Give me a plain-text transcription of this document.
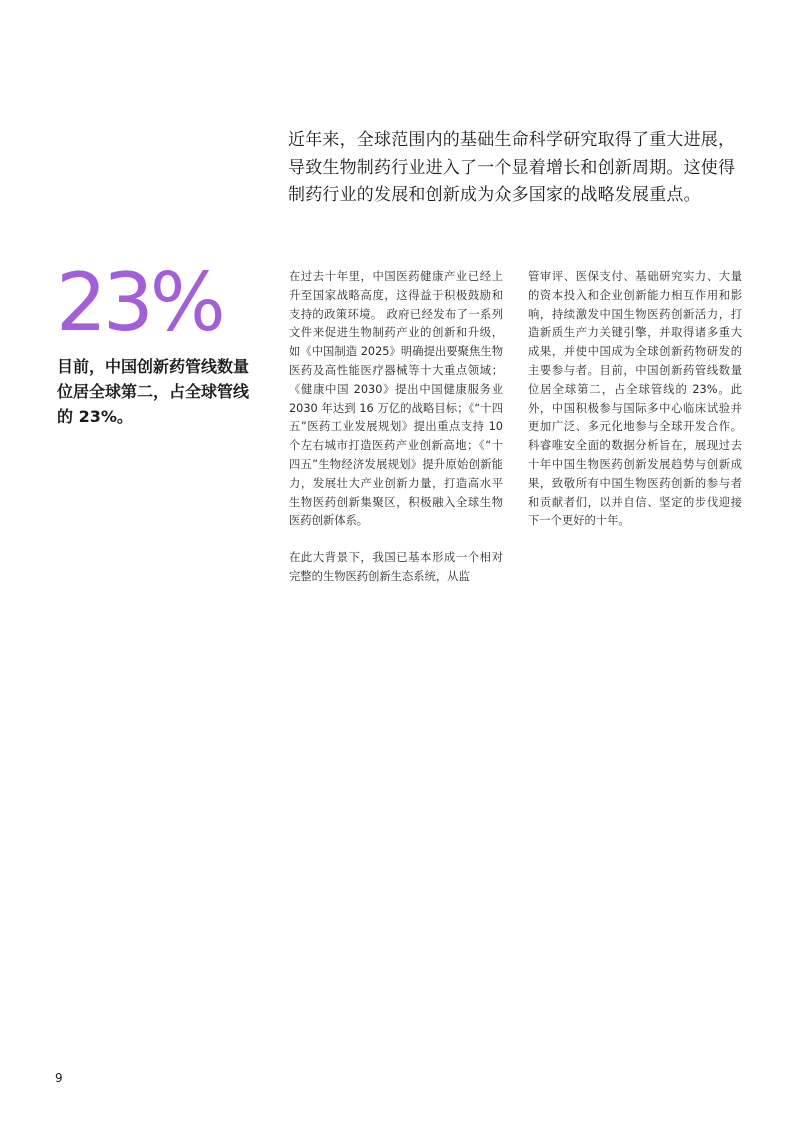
近年来，全球范围内的基础生命科学研究取得了重大进展，导致生物制药行业进入了一个显着增长和创新周期。这使得制药行业的发展和创新成为众多国家的战略发展重点。
23%
目前，中国创新药管线数量位居全球第二，占全球管线的 23%。

在过去十年里，中国医药健康产业已经上升至国家战略高度，这得益于积极鼓励和支持的政策环境。 政府已经发布了一系列文件来促进生物制药产业的创新和升级，如《中国制造 2025》明确提出要聚焦生物医药及高性能医疗器械等十大重点领域；《健康中国 2030》提出中国健康服务业 2030 年达到 16 万亿的战略目标；《“十四五”医药工业发展规划》提出重点支持 10 个左右城市打造医药产业创新高地；《“十四五”生物经济发展规划》提升原始创新能力，发展壮大产业创新力量，打造高水平生物医药创新集聚区，积极融入全球生物医药创新体系。

在此大背景下，我国已基本形成一个相对完整的生物医药创新生态系统，从监

管审评、医保支付、基础研究实力、大量的资本投入和企业创新能力相互作用和影响，持续激发中国生物医药创新活力，打造新质生产力关键引擎，并取得诸多重大成果，并使中国成为全球创新药物研发的主要参与者。目前，中国创新药管线数量位居全球第二，占全球管线的 23%。此外，中国积极参与国际多中心临床试验并更加广泛、多元化地参与全球开发合作。科睿唯安全面的数据分析旨在，展现过去十年中国生物医药创新发展趋势与创新成果，致敬所有中国生物医药创新的参与者和贡献者们，以并自信、坚定的步伐迎接下一个更好的十年。

9
